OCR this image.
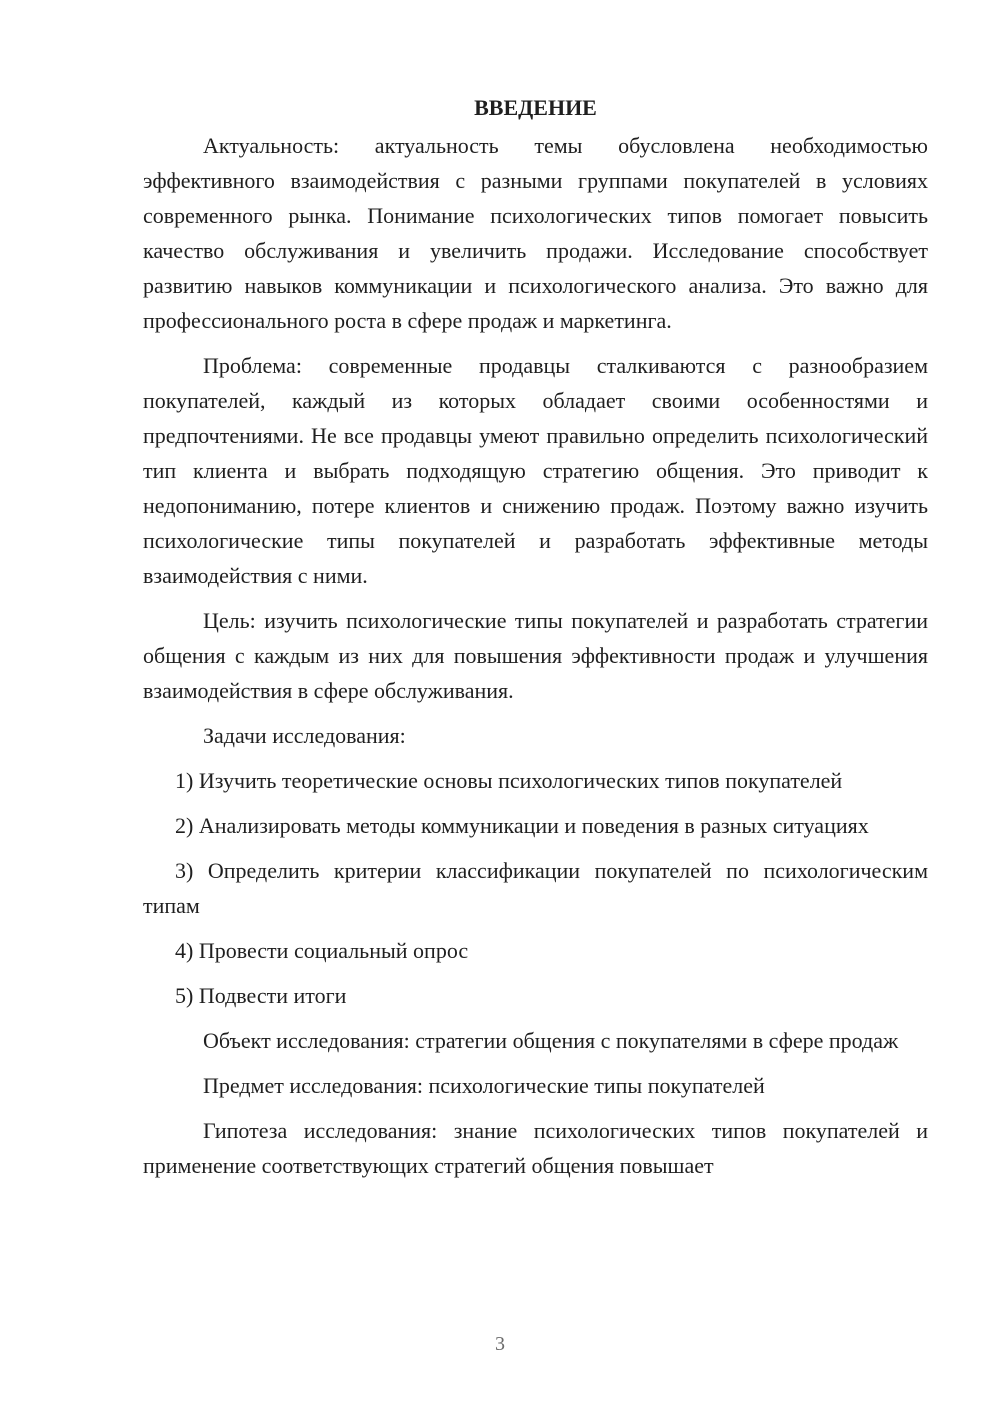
ВВЕДЕНИЕ

Актуальность: актуальность темы обусловлена необходимостью эффективного взаимодействия с разными группами покупателей в условиях современного рынка. Понимание психологических типов помогает повысить качество обслуживания и увеличить продажи. Исследование способствует развитию навыков коммуникации и психологического анализа. Это важно для профессионального роста в сфере продаж и маркетинга.

Проблема: современные продавцы сталкиваются с разнообразием покупателей, каждый из которых обладает своими особенностями и предпочтениями. Не все продавцы умеют правильно определить психологический тип клиента и выбрать подходящую стратегию общения. Это приводит к недопониманию, потере клиентов и снижению продаж. Поэтому важно изучить психологические типы покупателей и разработать эффективные методы взаимодействия с ними.

Цель: изучить психологические типы покупателей и разработать стратегии общения с каждым из них для повышения эффективности продаж и улучшения взаимодействия в сфере обслуживания.

Задачи исследования:

1) Изучить теоретические основы психологических типов покупателей

2) Анализировать методы коммуникации и поведения в разных ситуациях

3) Определить критерии классификации покупателей по психологическим типам

4) Провести социальный опрос

5) Подвести итоги

Объект исследования: стратегии общения с покупателями в сфере продаж

Предмет исследования: психологические типы покупателей

Гипотеза исследования: знание психологических типов покупателей и применение соответствующих стратегий общения повышает

3
